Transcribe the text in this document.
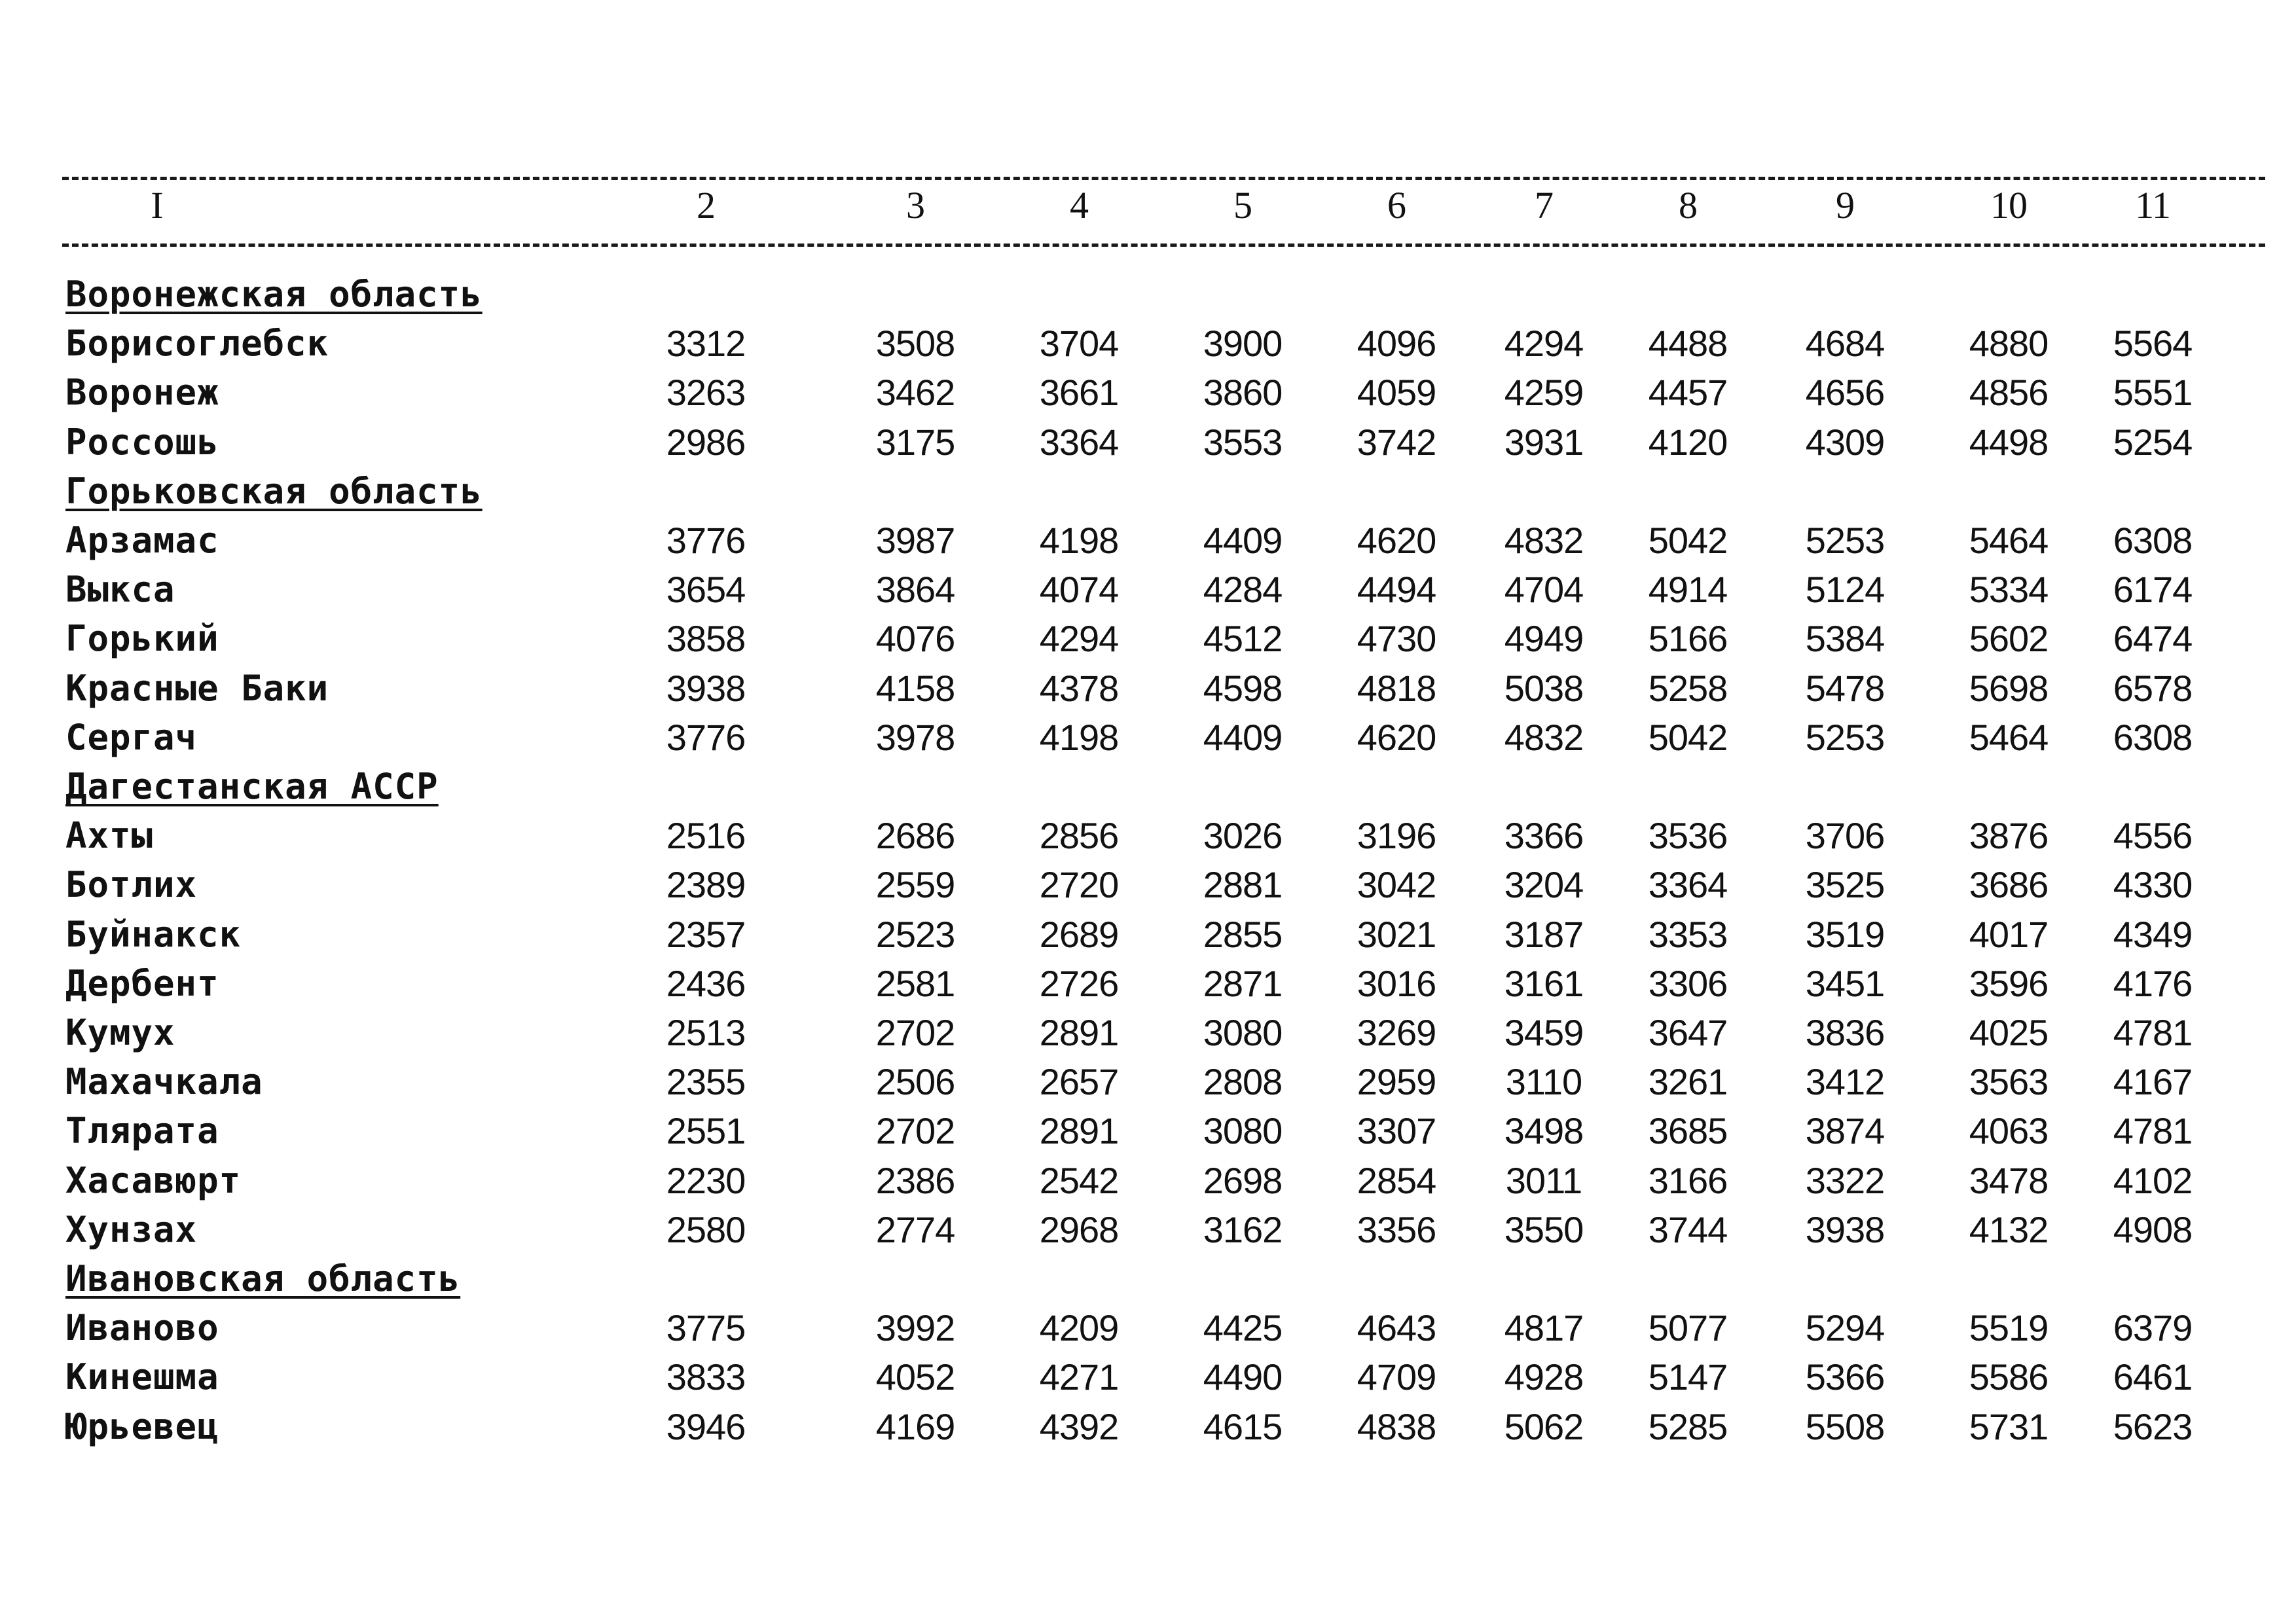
I	2	3	4	5	6	7	8	9	10	11
Воронежская область
Борисоглебск	3312	3508	3704	3900	4096	4294	4488	4684	4880	5564
Воронеж	3263	3462	3661	3860	4059	4259	4457	4656	4856	5551
Россошь	2986	3175	3364	3553	3742	3931	4120	4309	4498	5254
Горьковская область
Арзамас	3776	3987	4198	4409	4620	4832	5042	5253	5464	6308
Выкса	3654	3864	4074	4284	4494	4704	4914	5124	5334	6174
Горький	3858	4076	4294	4512	4730	4949	5166	5384	5602	6474
Красные Баки	3938	4158	4378	4598	4818	5038	5258	5478	5698	6578
Сергач	3776	3978	4198	4409	4620	4832	5042	5253	5464	6308
Дагестанская АССР
Ахты	2516	2686	2856	3026	3196	3366	3536	3706	3876	4556
Ботлих	2389	2559	2720	2881	3042	3204	3364	3525	3686	4330
Буйнакск	2357	2523	2689	2855	3021	3187	3353	3519	4017	4349
Дербент	2436	2581	2726	2871	3016	3161	3306	3451	3596	4176
Кумух	2513	2702	2891	3080	3269	3459	3647	3836	4025	4781
Махачкала	2355	2506	2657	2808	2959	3110	3261	3412	3563	4167
Тлярата	2551	2702	2891	3080	3307	3498	3685	3874	4063	4781
Хасавюрт	2230	2386	2542	2698	2854	3011	3166	3322	3478	4102
Хунзах	2580	2774	2968	3162	3356	3550	3744	3938	4132	4908
Ивановская область
Иваново	3775	3992	4209	4425	4643	4817	5077	5294	5519	6379
Кинешма	3833	4052	4271	4490	4709	4928	5147	5366	5586	6461
Юрьевец	3946	4169	4392	4615	4838	5062	5285	5508	5731	5623
